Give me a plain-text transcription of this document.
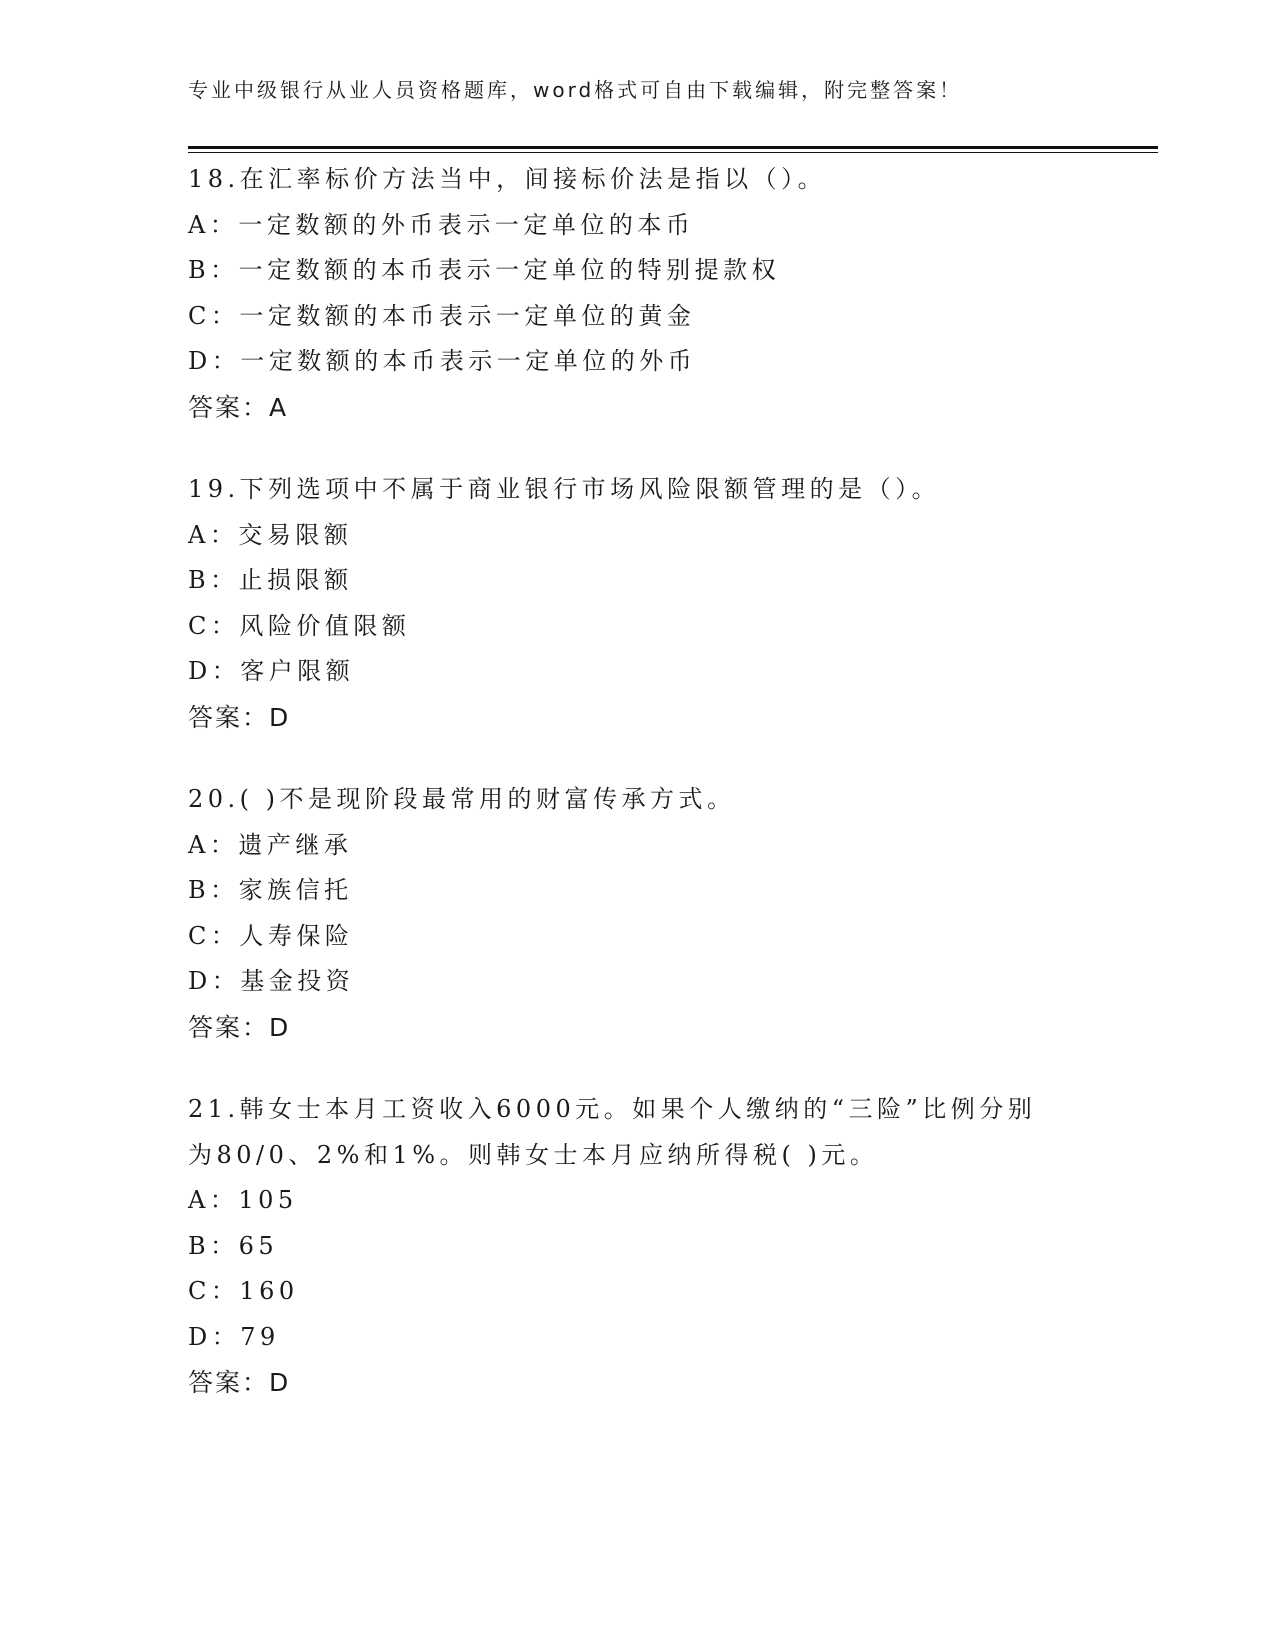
专业中级银行从业人员资格题库，word格式可自由下载编辑，附完整答案！
18.在汇率标价方法当中，间接标价法是指以（）。
A：一定数额的外币表示一定单位的本币
B：一定数额的本币表示一定单位的特别提款权
C：一定数额的本币表示一定单位的黄金
D：一定数额的本币表示一定单位的外币
答案：A
19.下列选项中不属于商业银行市场风险限额管理的是（）。
A：交易限额
B：止损限额
C：风险价值限额
D：客户限额
答案：D
20.( )不是现阶段最常用的财富传承方式。
A：遗产继承
B：家族信托
C：人寿保险
D：基金投资
答案：D
21.韩女士本月工资收入6000元。如果个人缴纳的“三险”比例分别
为80/0、2%和1%。则韩女士本月应纳所得税( )元。
A：105
B：65
C：160
D：79
答案：D
